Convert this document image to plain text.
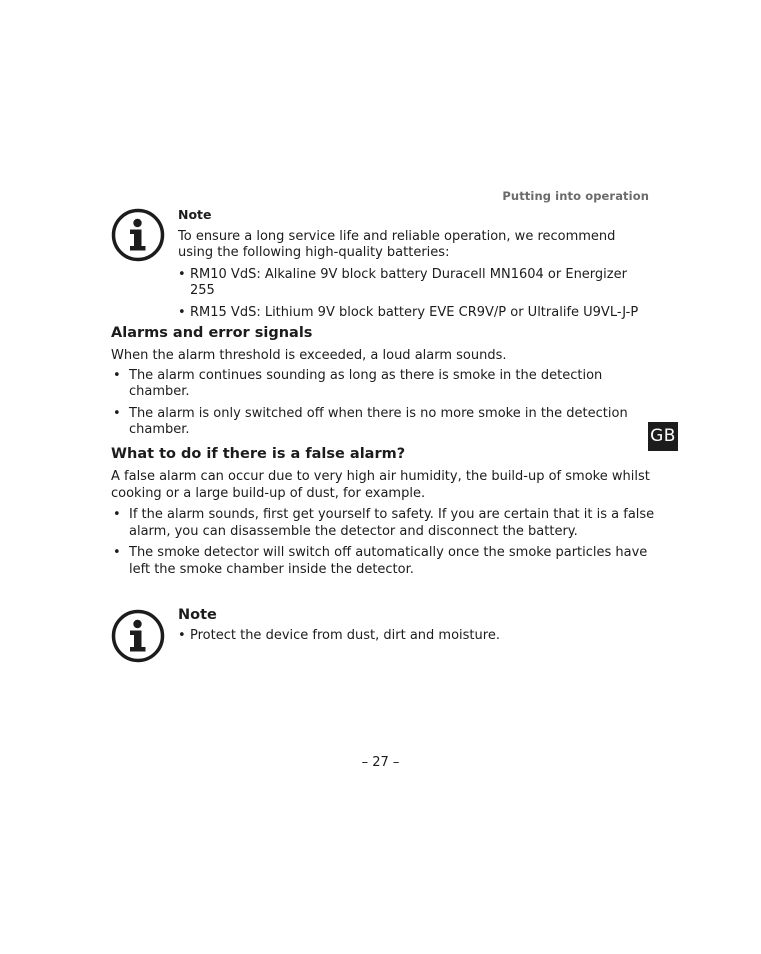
Putting into operation
Note

To ensure a long service life and reliable operation, we recommend using the following high-quality batteries:

• RM10 VdS: Alkaline 9V block battery Duracell MN1604 or Energizer 255
• RM15 VdS: Lithium 9V block battery EVE CR9V/P or Ultralife U9VL-J-P
Alarms and error signals

When the alarm threshold is exceeded, a loud alarm sounds.

• The alarm continues sounding as long as there is smoke in the detection chamber.
• The alarm is only switched off when there is no more smoke in the detection chamber.	GB
What to do if there is a false alarm?

A false alarm can occur due to very high air humidity, the build-up of smoke whilst cooking or a large build-up of dust, for example.

• If the alarm sounds, first get yourself to safety. If you are certain that it is a false alarm, you can disassemble the detector and disconnect the battery.
• The smoke detector will switch off automatically once the smoke particles have left the smoke chamber inside the detector.
Note
• Protect the device from dust, dirt and moisture.
– 27 –
